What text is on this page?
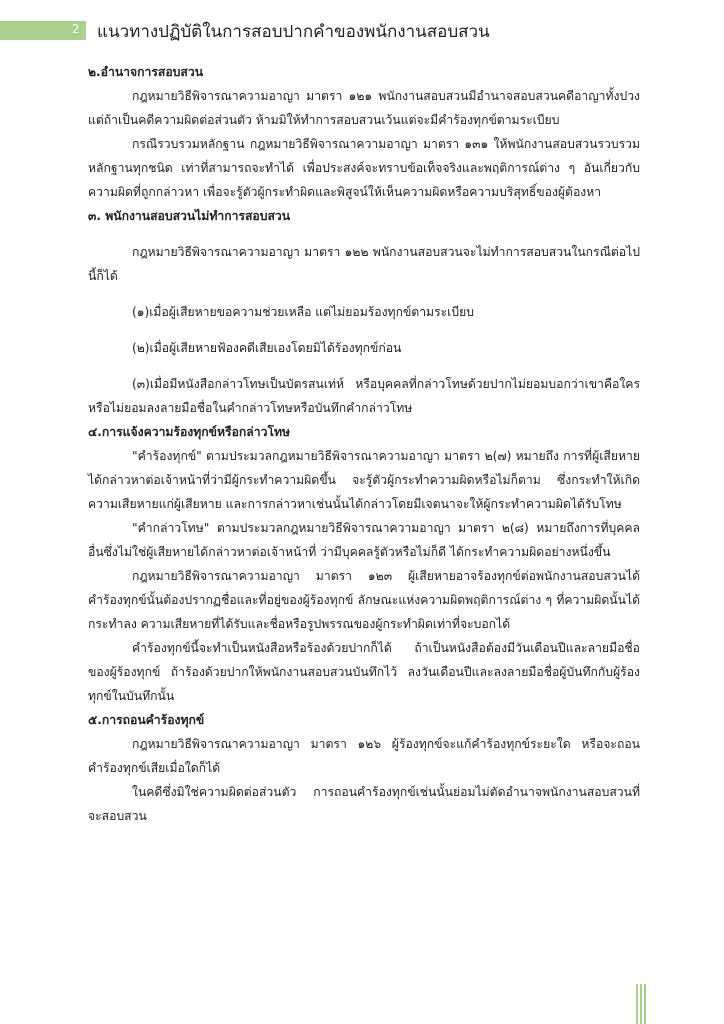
2 แนวทางปฏิบัติในการสอบปากคำของพนักงานสอบสวน

๒.อำนาจการสอบสวน

กฎหมายวิธีพิจารณาความอาญา มาตรา ๑๒๑ พนักงานสอบสวนมีอำนาจสอบสวนคดีอาญาทั้งปวง แต่ถ้าเป็นคดีความผิดต่อส่วนตัว ห้ามมิให้ทำการสอบสวนเว้นแต่จะมีคำร้องทุกข์ตามระเบียบ

กรณีรวบรวมหลักฐาน กฎหมายวิธีพิจารณาความอาญา มาตรา ๑๓๑ ให้พนักงานสอบสวนรวบรวมหลักฐานทุกชนิด เท่าที่สามารถจะทำได้ เพื่อประสงค์จะทราบข้อเท็จจริงและพฤติการณ์ต่าง ๆ อันเกี่ยวกับความผิดที่ถูกกล่าวหา เพื่อจะรู้ตัวผู้กระทำผิดและพิสูจน์ให้เห็นความผิดหรือความบริสุทธิ์ของผู้ต้องหา

๓. พนักงานสอบสวนไม่ทำการสอบสวน

กฎหมายวิธีพิจารณาความอาญา มาตรา ๑๒๒ พนักงานสอบสวนจะไม่ทำการสอบสวนในกรณีต่อไปนี้ก็ได้

(๑)เมื่อผู้เสียหายขอความช่วยเหลือ แต่ไม่ยอมร้องทุกข์ตามระเบียบ

(๒)เมื่อผู้เสียหายฟ้องคดีเสียเองโดยมิได้ร้องทุกข์ก่อน

(๓)เมื่อมีหนังสือกล่าวโทษเป็นบัตรสนเท่ห์ หรือบุคคลที่กล่าวโทษด้วยปากไม่ยอมบอกว่าเขาคือใคร หรือไม่ยอมลงลายมือชื่อในคำกล่าวโทษหรือบันทึกคำกล่าวโทษ

๔.การแจ้งความร้องทุกข์หรือกล่าวโทษ

"คำร้องทุกข์" ตามประมวลกฎหมายวิธีพิจารณาความอาญา มาตรา ๒(๗) หมายถึง การที่ผู้เสียหายได้กล่าวหาต่อเจ้าหน้าที่ว่ามีผู้กระทำความผิดขึ้น จะรู้ตัวผู้กระทำความผิดหรือไม่ก็ตาม ซึ่งกระทำให้เกิดความเสียหายแก่ผู้เสียหาย และการกล่าวหาเช่นนั้นได้กล่าวโดยมีเจตนาจะให้ผู้กระทำความผิดได้รับโทษ

"คำกล่าวโทษ" ตามประมวลกฎหมายวิธีพิจารณาความอาญา มาตรา ๒(๘) หมายถึงการที่บุคคลอื่นซึ่งไม่ใช่ผู้เสียหายได้กล่าวหาต่อเจ้าหน้าที่ ว่ามีบุคคลรู้ตัวหรือไม่ก็ดี ได้กระทำความผิดอย่างหนึ่งขึ้น

กฎหมายวิธีพิจารณาความอาญา มาตรา ๑๒๓ ผู้เสียหายอาจร้องทุกข์ต่อพนักงานสอบสวนได้ คำร้องทุกข์นั้นต้องปรากฏชื่อและที่อยู่ของผู้ร้องทุกข์ ลักษณะแห่งความผิดพฤติการณ์ต่าง ๆ ที่ความผิดนั้นได้กระทำลง ความเสียหายที่ได้รับและชื่อหรือรูปพรรณของผู้กระทำผิดเท่าที่จะบอกได้

คำร้องทุกข์นี้จะทำเป็นหนังสือหรือร้องด้วยปากก็ได้ ถ้าเป็นหนังสือต้องมีวันเดือนปีและลายมือชื่อของผู้ร้องทุกข์ ถ้าร้องด้วยปากให้พนักงานสอบสวนบันทึกไว้ ลงวันเดือนปีและลงลายมือชื่อผู้บันทึกกับผู้ร้องทุกข์ในบันทึกนั้น

๕.การถอนคำร้องทุกข์

กฎหมายวิธีพิจารณาความอาญา มาตรา ๑๒๖ ผู้ร้องทุกข์จะแก้คำร้องทุกข์ระยะใด หรือจะถอนคำร้องทุกข์เสียเมื่อใดก็ได้

ในคดีซึ่งมิใช่ความผิดต่อส่วนตัว การถอนคำร้องทุกข์เช่นนั้นย่อมไม่ตัดอำนาจพนักงานสอบสวนที่จะสอบสวน
